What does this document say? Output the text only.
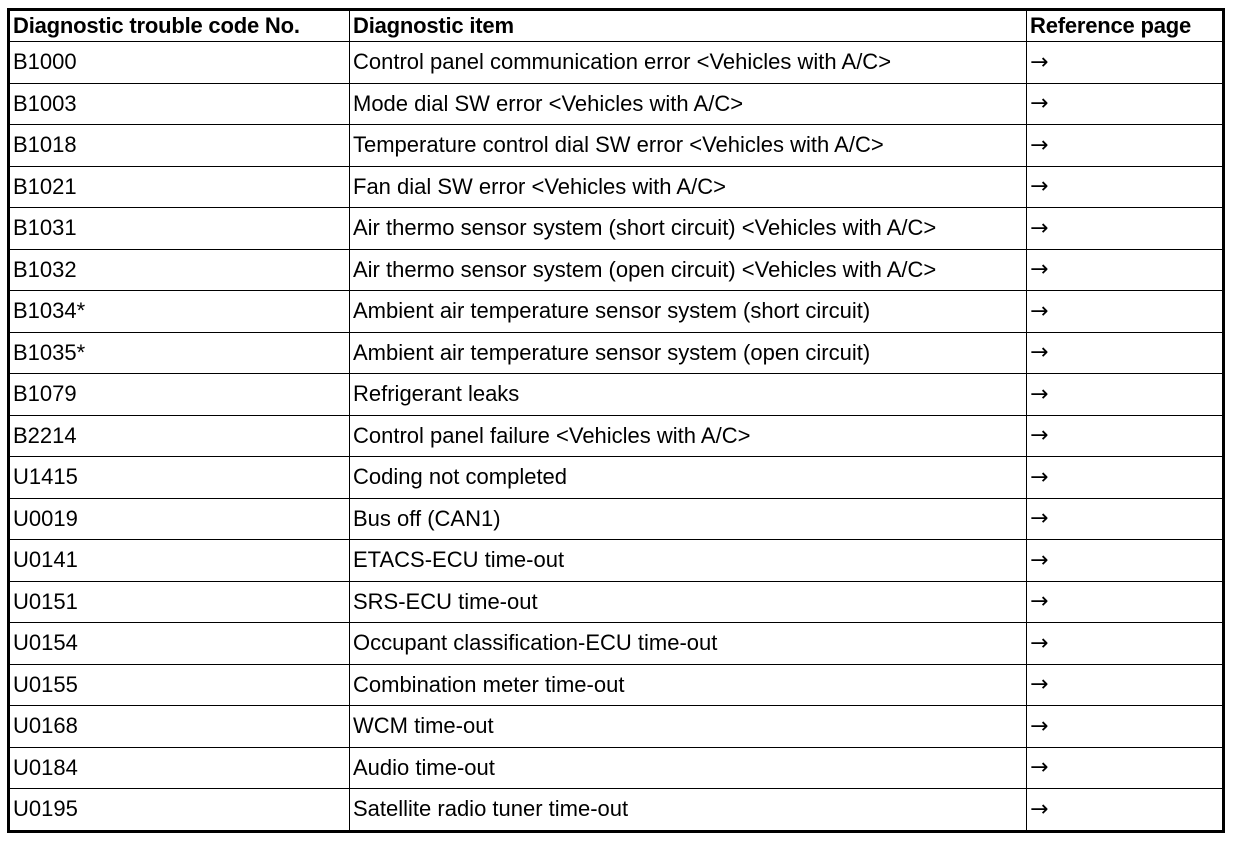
Diagnostic trouble code No.	Diagnostic item	Reference page
B1000	Control panel communication error <Vehicles with A/C>	→
B1003	Mode dial SW error <Vehicles with A/C>	→
B1018	Temperature control dial SW error <Vehicles with A/C>	→
B1021	Fan dial SW error <Vehicles with A/C>	→
B1031	Air thermo sensor system (short circuit) <Vehicles with A/C>	→
B1032	Air thermo sensor system (open circuit) <Vehicles with A/C>	→
B1034*	Ambient air temperature sensor system (short circuit)	→
B1035*	Ambient air temperature sensor system (open circuit)	→
B1079	Refrigerant leaks	→
B2214	Control panel failure <Vehicles with A/C>	→
U1415	Coding not completed	→
U0019	Bus off (CAN1)	→
U0141	ETACS-ECU time-out	→
U0151	SRS-ECU time-out	→
U0154	Occupant classification-ECU time-out	→
U0155	Combination meter time-out	→
U0168	WCM time-out	→
U0184	Audio time-out	→
U0195	Satellite radio tuner time-out	→
